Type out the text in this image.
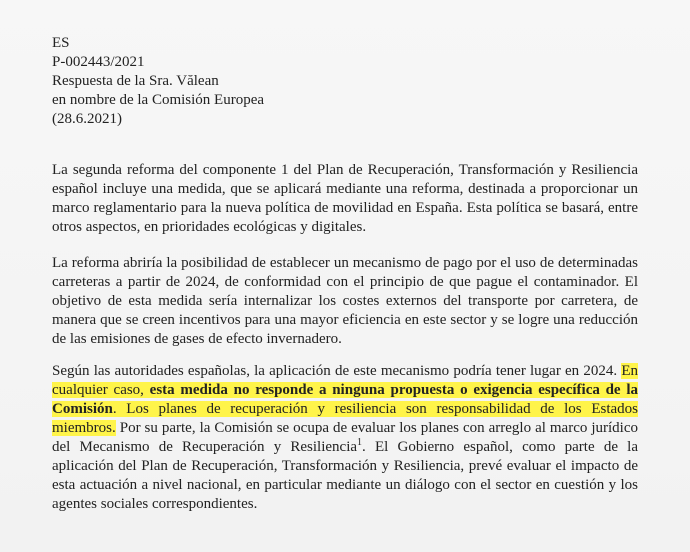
ES
P-002443/2021
Respuesta de la Sra. Vălean
en nombre de la Comisión Europea
(28.6.2021)

La segunda reforma del componente 1 del Plan de Recuperación, Transformación y Resiliencia español incluye una medida, que se aplicará mediante una reforma, destinada a proporcionar un marco reglamentario para la nueva política de movilidad en España. Esta política se basará, entre otros aspectos, en prioridades ecológicas y digitales.

La reforma abriría la posibilidad de establecer un mecanismo de pago por el uso de determinadas carreteras a partir de 2024, de conformidad con el principio de que pague el contaminador. El objetivo de esta medida sería internalizar los costes externos del transporte por carretera, de manera que se creen incentivos para una mayor eficiencia en este sector y se logre una reducción de las emisiones de gases de efecto invernadero.

Según las autoridades españolas, la aplicación de este mecanismo podría tener lugar en 2024. En cualquier caso, esta medida no responde a ninguna propuesta o exigencia específica de la Comisión. Los planes de recuperación y resiliencia son responsabilidad de los Estados miembros. Por su parte, la Comisión se ocupa de evaluar los planes con arreglo al marco jurídico del Mecanismo de Recuperación y Resiliencia$^1$. El Gobierno español, como parte de la aplicación del Plan de Recuperación, Transformación y Resiliencia, prevé evaluar el impacto de esta actuación a nivel nacional, en particular mediante un diálogo con el sector en cuestión y los agentes sociales correspondientes.
